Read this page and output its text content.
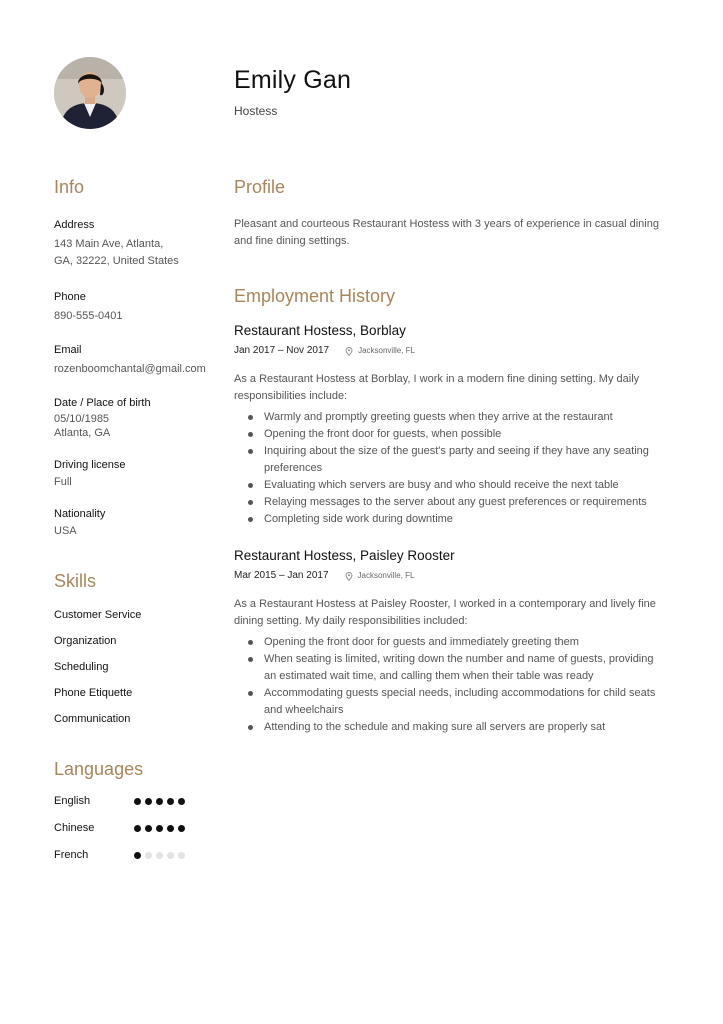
Emily Gan
Hostess
Info
Address
143 Main Ave, Atlanta,
GA, 32222, United States
Phone
890-555-0401
Email
rozenboomchantal@gmail.com
Date / Place of birth
05/10/1985
Atlanta, GA
Driving license
Full
Nationality
USA
Skills
Customer Service
Organization
Scheduling
Phone Etiquette
Communication
Languages
English
Chinese
French
Profile

Pleasant and courteous Restaurant Hostess with 3 years of experience in casual dining

and fine dining settings.

Employment History
Restaurant Hostess, Borblay
Jan 2017 – Nov 2017	Jacksonville, FL

As a Restaurant Hostess at Borblay, I work in a modern fine dining setting. My daily

responsibilities include:

Warmly and promptly greeting guests when they arrive at the restaurant
Opening the front door for guests, when possible
Inquiring about the size of the guest's party and seeing if they have any seating
preferences
Evaluating which servers are busy and who should receive the next table
Relaying messages to the server about any guest preferences or requirements
Completing side work during downtime
Restaurant Hostess, Paisley Rooster
Mar 2015 – Jan 2017	Jacksonville, FL

As a Restaurant Hostess at Paisley Rooster, I worked in a contemporary and lively fine

dining setting. My daily responsibilities included:

Opening the front door for guests and immediately greeting them
When seating is limited, writing down the number and name of guests, providing
an estimated wait time, and calling them when their table was ready
Accommodating guests special needs, including accommodations for child seats
and wheelchairs
Attending to the schedule and making sure all servers are properly sat
